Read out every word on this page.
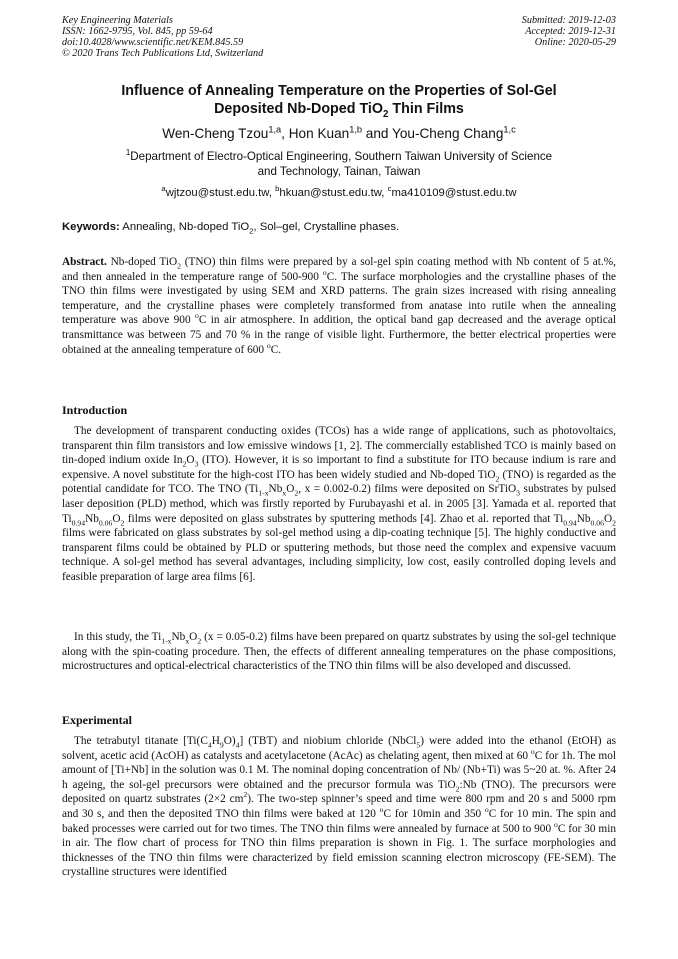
Key Engineering Materials
ISSN: 1662-9795, Vol. 845, pp 59-64
doi:10.4028/www.scientific.net/KEM.845.59
© 2020 Trans Tech Publications Ltd, Switzerland
Submitted: 2019-12-03
Accepted: 2019-12-31
Online: 2020-05-29
Influence of Annealing Temperature on the Properties of Sol-Gel
Deposited Nb-Doped TiO$_2$ Thin Films
Wen-Cheng Tzou$^{1,a}$, Hon Kuan$^{1,b}$ and You-Cheng Chang$^{1,c}$
$^1$Department of Electro-Optical Engineering, Southern Taiwan University of Science
and Technology, Tainan, Taiwan
$^a$wjtzou@stust.edu.tw, $^b$hkuan@stust.edu.tw, $^c$ma410109@stust.edu.tw
Keywords: Annealing, Nb-doped TiO$_2$, Sol–gel, Crystalline phases.
Abstract. Nb-doped TiO$_2$ (TNO) thin films were prepared by a sol-gel spin coating method with Nb content of 5 at.%, and then annealed in the temperature range of 500-900 $^o$C. The surface morphologies and the crystalline phases of the TNO thin films were investigated by using SEM and XRD patterns. The grain sizes increased with rising annealing temperature, and the crystalline phases were completely transformed from anatase into rutile when the annealing temperature was above 900 $^o$C in air atmosphere. In addition, the optical band gap decreased and the average optical transmittance was between 75 and 70 % in the range of visible light. Furthermore, the better electrical properties were obtained at the annealing temperature of 600 $^o$C.
Introduction
The development of transparent conducting oxides (TCOs) has a wide range of applications, such as photovoltaics, transparent thin film transistors and low emissive windows [1, 2]. The commercially established TCO is mainly based on tin-doped indium oxide $In_2O_3$ (ITO). However, it is so important to find a substitute for ITO because indium is rare and expensive. A novel substitute for the high-cost ITO has been widely studied and Nb-doped TiO$_2$ (TNO) is regarded as the potential candidate for TCO. The TNO ($Ti_{1-x}Nb_xO_2$, x = 0.002-0.2) films were deposited on SrTiO$_3$ substrates by pulsed laser deposition (PLD) method, which was firstly reported by Furubayashi et al. in 2005 [3]. Yamada et al. reported that $Ti_{0.94}Nb_{0.06}O_2$ films were deposited on glass substrates by sputtering methods [4]. Zhao et al. reported that $Ti_{0.94}Nb_{0.06}O_2$ films were fabricated on glass substrates by sol-gel method using a dip-coating technique [5]. The highly conductive and transparent films could be obtained by PLD or sputtering methods, but those need the complex and expensive vacuum technique. A sol-gel method has several advantages, including simplicity, low cost, easily controlled doping levels and feasible preparation of large area films [6].
In this study, the $Ti_{1-x}Nb_xO_2$ (x = 0.05-0.2) films have been prepared on quartz substrates by using the sol-gel technique along with the spin-coating procedure. Then, the effects of different annealing temperatures on the phase compositions, microstructures and optical-electrical characteristics of the TNO thin films will be also developed and discussed.
Experimental
The tetrabutyl titanate $[Ti(C_4H_9O)_4]$ (TBT) and niobium chloride (NbCl$_5$) were added into the ethanol (EtOH) as solvent, acetic acid (AcOH) as catalysts and acetylacetone (AcAc) as chelating agent, then mixed at 60 $^o$C for 1h. The mol amount of [Ti+Nb] in the solution was 0.1 M. The nominal doping concentration of Nb/ (Nb+Ti) was 5~20 at. %. After 24 h ageing, the sol-gel precursors were obtained and the precursor formula was TiO$_2$:Nb (TNO). The precursors were deposited on quartz substrates (2×2 $cm^2$). The two-step spinner’s speed and time were 800 rpm and 20 s and 5000 rpm and 30 s, and then the deposited TNO thin films were baked at 120 $^o$C for 10min and 350 $^o$C for 10 min. The spin and baked processes were carried out for two times. The TNO thin films were annealed by furnace at 500 to 900 $^o$C for 30 min in air. The flow chart of process for TNO thin films preparation is shown in Fig. 1. The surface morphologies and thicknesses of the TNO thin films were characterized by field emission scanning electron microscopy (FE-SEM). The crystalline structures were identified
